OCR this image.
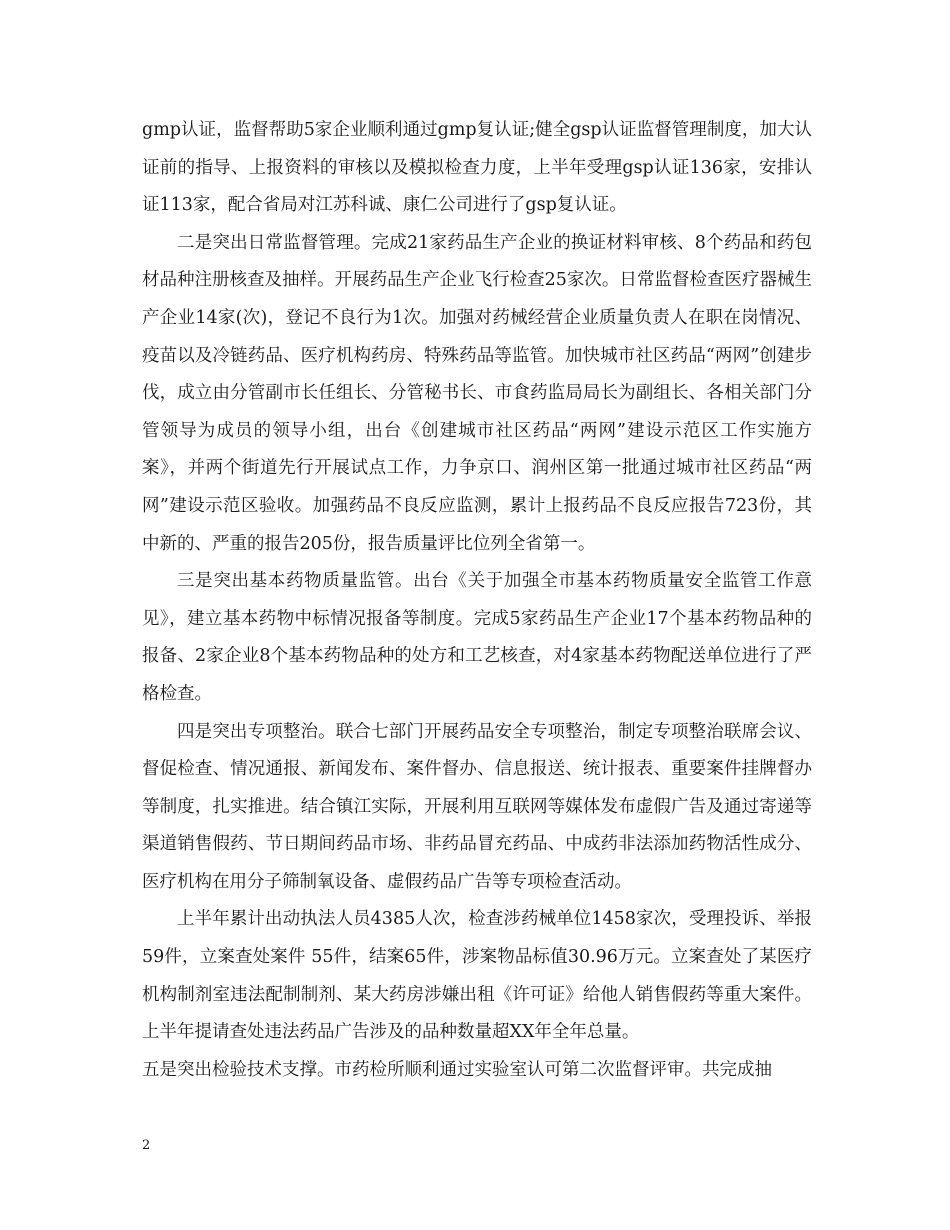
gmp认证，监督帮助5家企业顺利通过gmp复认证;健全gsp认证监督管理制度，加大认证前的指导、上报资料的审核以及模拟检查力度，上半年受理gsp认证136家，安排认证113家，配合省局对江苏科诚、康仁公司进行了gsp复认证。

二是突出日常监督管理。完成21家药品生产企业的换证材料审核、8个药品和药包材品种注册核查及抽样。开展药品生产企业飞行检查25家次。日常监督检查医疗器械生产企业14家(次)，登记不良行为1次。加强对药械经营企业质量负责人在职在岗情况、疫苗以及冷链药品、医疗机构药房、特殊药品等监管。加快城市社区药品“两网”创建步伐，成立由分管副市长任组长、分管秘书长、市食药监局局长为副组长、各相关部门分管领导为成员的领导小组，出台《创建城市社区药品“两网”建设示范区工作实施方案》，并两个街道先行开展试点工作，力争京口、润州区第一批通过城市社区药品“两网”建设示范区验收。加强药品不良反应监测，累计上报药品不良反应报告723份，其中新的、严重的报告205份，报告质量评比位列全省第一。

三是突出基本药物质量监管。出台《关于加强全市基本药物质量安全监管工作意见》，建立基本药物中标情况报备等制度。完成5家药品生产企业17个基本药物品种的报备、2家企业8个基本药物品种的处方和工艺核查，对4家基本药物配送单位进行了严格检查。

四是突出专项整治。联合七部门开展药品安全专项整治，制定专项整治联席会议、督促检查、情况通报、新闻发布、案件督办、信息报送、统计报表、重要案件挂牌督办等制度，扎实推进。结合镇江实际，开展利用互联网等媒体发布虚假广告及通过寄递等渠道销售假药、节日期间药品市场、非药品冒充药品、中成药非法添加药物活性成分、医疗机构在用分子筛制氧设备、虚假药品广告等专项检查活动。

上半年累计出动执法人员4385人次，检查涉药械单位1458家次，受理投诉、举报59件，立案查处案件 55件，结案65件，涉案物品标值30.96万元。立案查处了某医疗机构制剂室违法配制制剂、某大药房涉嫌出租《许可证》给他人销售假药等重大案件。上半年提请查处违法药品广告涉及的品种数量超XX年全年总量。

五是突出检验技术支撑。市药检所顺利通过实验室认可第二次监督评审。共完成抽

2
